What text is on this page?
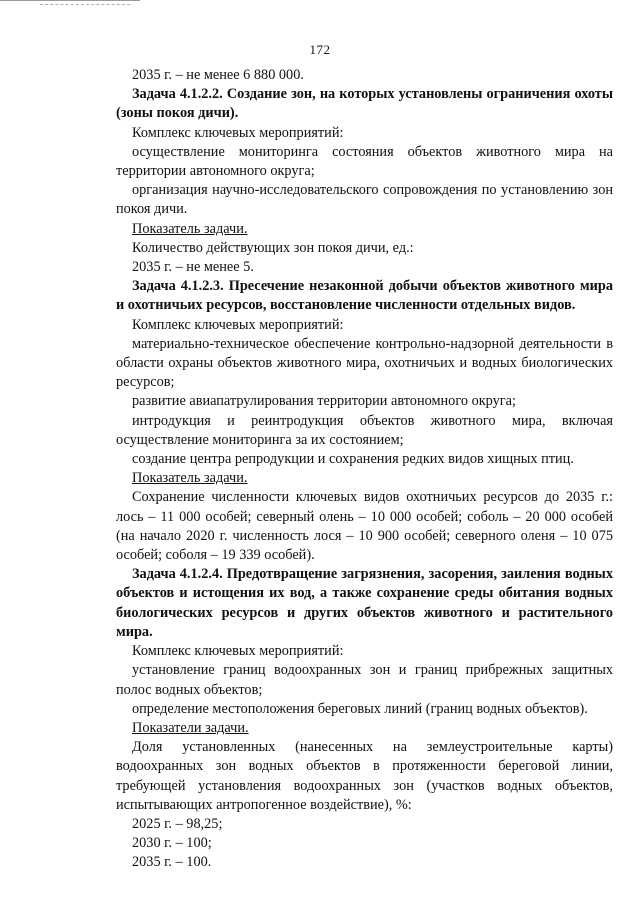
172

2035 г. – не менее 6 880 000.

Задача 4.1.2.2. Создание зон, на которых установлены ограничения охоты (зоны покоя дичи).

Комплекс ключевых мероприятий:

осуществление мониторинга состояния объектов животного мира на территории автономного округа;

организация научно-исследовательского сопровождения по установлению зон покоя дичи.

Показатель задачи.

Количество действующих зон покоя дичи, ед.:

2035 г. – не менее 5.

Задача 4.1.2.3. Пресечение незаконной добычи объектов животного мира и охотничьих ресурсов, восстановление численности отдельных видов.

Комплекс ключевых мероприятий:

материально-техническое обеспечение контрольно-надзорной деятельности в области охраны объектов животного мира, охотничьих и водных биологических ресурсов;

развитие авиапатрулирования территории автономного округа;

интродукция и реинтродукция объектов животного мира, включая осуществление мониторинга за их состоянием;

создание центра репродукции и сохранения редких видов хищных птиц.

Показатель задачи.

Сохранение численности ключевых видов охотничьих ресурсов до 2035 г.: лось – 11 000 особей; северный олень – 10 000 особей; соболь – 20 000 особей (на начало 2020 г. численность лося – 10 900 особей; северного оленя – 10 075 особей; соболя – 19 339 особей).

Задача 4.1.2.4. Предотвращение загрязнения, засорения, заиления водных объектов и истощения их вод, а также сохранение среды обитания водных биологических ресурсов и других объектов животного и растительного мира.

Комплекс ключевых мероприятий:

установление границ водоохранных зон и границ прибрежных защитных полос водных объектов;

определение местоположения береговых линий (границ водных объектов).

Показатели задачи.

Доля установленных (нанесенных на землеустроительные карты) водоохранных зон водных объектов в протяженности береговой линии, требующей установления водоохранных зон (участков водных объектов, испытывающих антропогенное воздействие), %:

2025 г. – 98,25;

2030 г. – 100;

2035 г. – 100.
